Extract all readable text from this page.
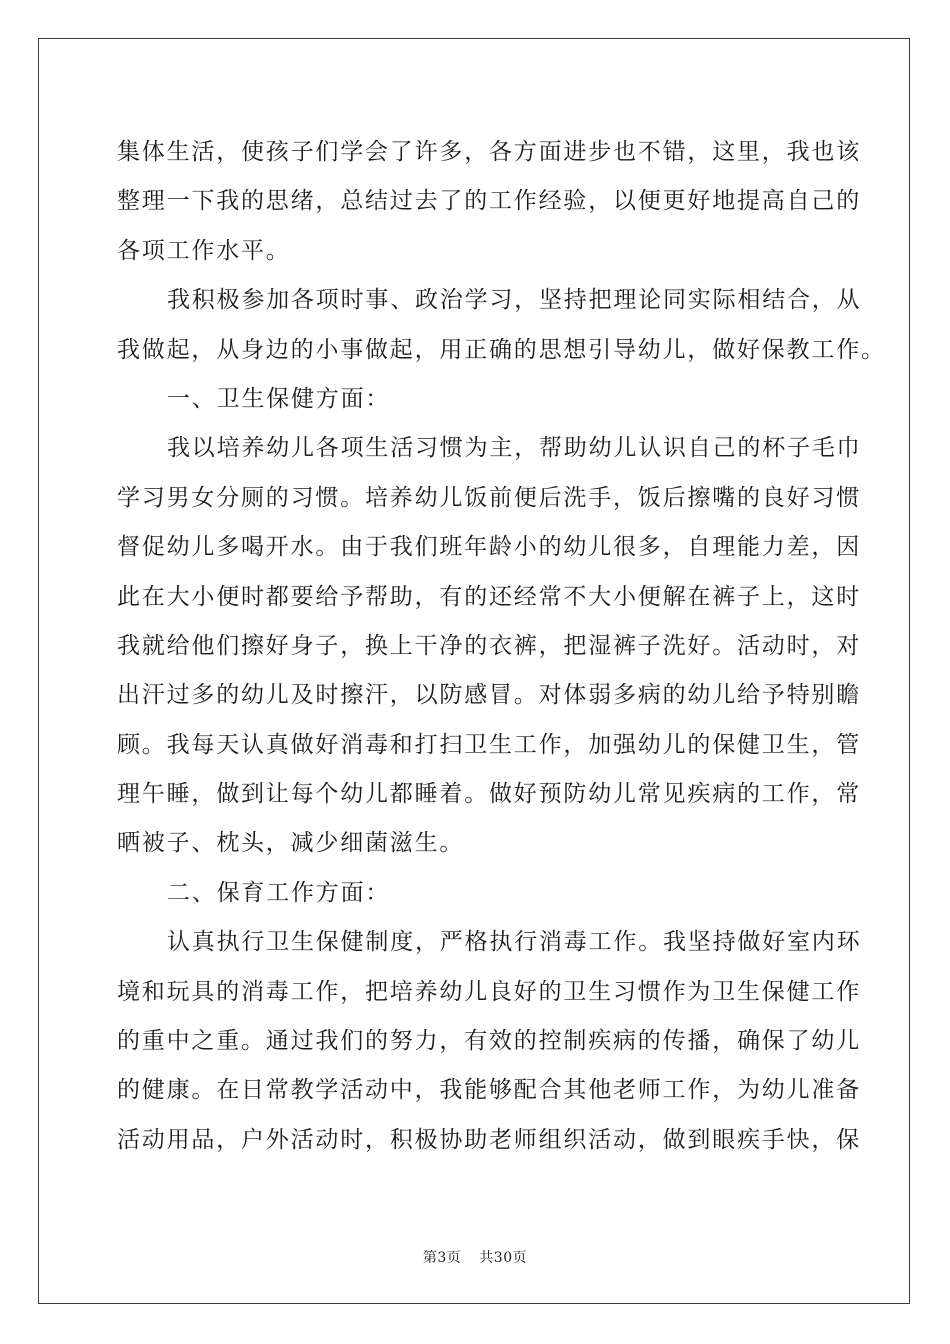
集体生活，使孩子们学会了许多，各方面进步也不错，这里，我也该
整理一下我的思绪，总结过去了的工作经验，以便更好地提高自己的
各项工作水平。
我积极参加各项时事、政治学习，坚持把理论同实际相结合，从
我做起，从身边的小事做起，用正确的思想引导幼儿，做好保教工作。
一、卫生保健方面：
我以培养幼儿各项生活习惯为主，帮助幼儿认识自己的杯子毛巾
学习男女分厕的习惯。培养幼儿饭前便后洗手，饭后擦嘴的良好习惯
督促幼儿多喝开水。由于我们班年龄小的幼儿很多，自理能力差，因
此在大小便时都要给予帮助，有的还经常不大小便解在裤子上，这时
我就给他们擦好身子，换上干净的衣裤，把湿裤子洗好。活动时，对
出汗过多的幼儿及时擦汗，以防感冒。对体弱多病的幼儿给予特别瞻
顾。我每天认真做好消毒和打扫卫生工作，加强幼儿的保健卫生，管
理午睡，做到让每个幼儿都睡着。做好预防幼儿常见疾病的工作，常
晒被子、枕头，减少细菌滋生。
二、保育工作方面：
认真执行卫生保健制度，严格执行消毒工作。我坚持做好室内环
境和玩具的消毒工作，把培养幼儿良好的卫生习惯作为卫生保健工作
的重中之重。通过我们的努力，有效的控制疾病的传播，确保了幼儿
的健康。在日常教学活动中，我能够配合其他老师工作，为幼儿准备
活动用品，户外活动时，积极协助老师组织活动，做到眼疾手快，保
第3页 共30页
